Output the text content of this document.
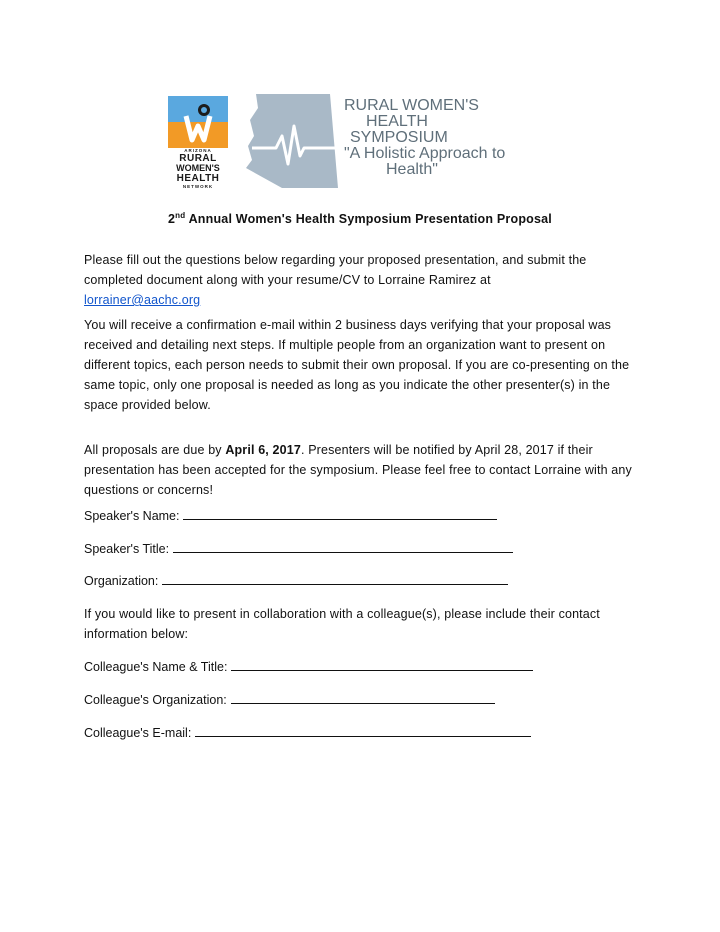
ARIZONA
RURAL
WOMEN'S
HEALTH
NETWORK
RURAL WOMEN'S
HEALTH
SYMPOSIUM
"A Holistic Approach to
Health"
2nd Annual Women's Health Symposium Presentation Proposal
Please fill out the questions below regarding your proposed presentation, and submit the completed document along with your resume/CV to Lorraine Ramirez at
lorrainer@aachc.org
You will receive a confirmation e-mail within 2 business days verifying that your proposal was received and detailing next steps. If multiple people from an organization want to present on different topics, each person needs to submit their own proposal. If you are co-presenting on the same topic, only one proposal is needed as long as you indicate the other presenter(s) in the space provided below.
All proposals are due by April 6, 2017. Presenters will be notified by April 28, 2017 if their presentation has been accepted for the symposium. Please feel free to contact Lorraine with any questions or concerns!
Speaker's Name:
Speaker's Title:
Organization:
If you would like to present in collaboration with a colleague(s), please include their contact information below:
Colleague's Name & Title:
Colleague's Organization:
Colleague's E-mail:
